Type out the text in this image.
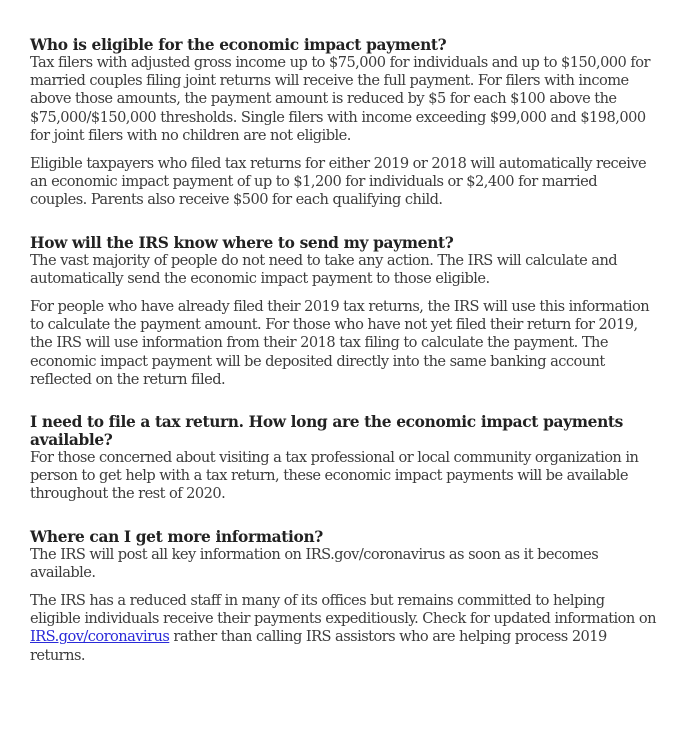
Who is eligible for the economic impact payment?

Tax filers with adjusted gross income up to $75,000 for individuals and up to $150,000 for married couples filing joint returns will receive the full payment. For filers with income above those amounts, the payment amount is reduced by $5 for each $100 above the $75,000/$150,000 thresholds. Single filers with income exceeding $99,000 and $198,000 for joint filers with no children are not eligible.

Eligible taxpayers who filed tax returns for either 2019 or 2018 will automatically receive an economic impact payment of up to $1,200 for individuals or $2,400 for married couples. Parents also receive $500 for each qualifying child.

How will the IRS know where to send my payment?

The vast majority of people do not need to take any action. The IRS will calculate and automatically send the economic impact payment to those eligible.

For people who have already filed their 2019 tax returns, the IRS will use this information to calculate the payment amount. For those who have not yet filed their return for 2019, the IRS will use information from their 2018 tax filing to calculate the payment. The economic impact payment will be deposited directly into the same banking account reflected on the return filed.

I need to file a tax return. How long are the economic impact payments available?

For those concerned about visiting a tax professional or local community organization in person to get help with a tax return, these economic impact payments will be available throughout the rest of 2020.

Where can I get more information?

The IRS will post all key information on IRS.gov/coronavirus as soon as it becomes available.

The IRS has a reduced staff in many of its offices but remains committed to helping eligible individuals receive their payments expeditiously. Check for updated information on IRS.gov/coronavirus rather than calling IRS assistors who are helping process 2019 returns.
